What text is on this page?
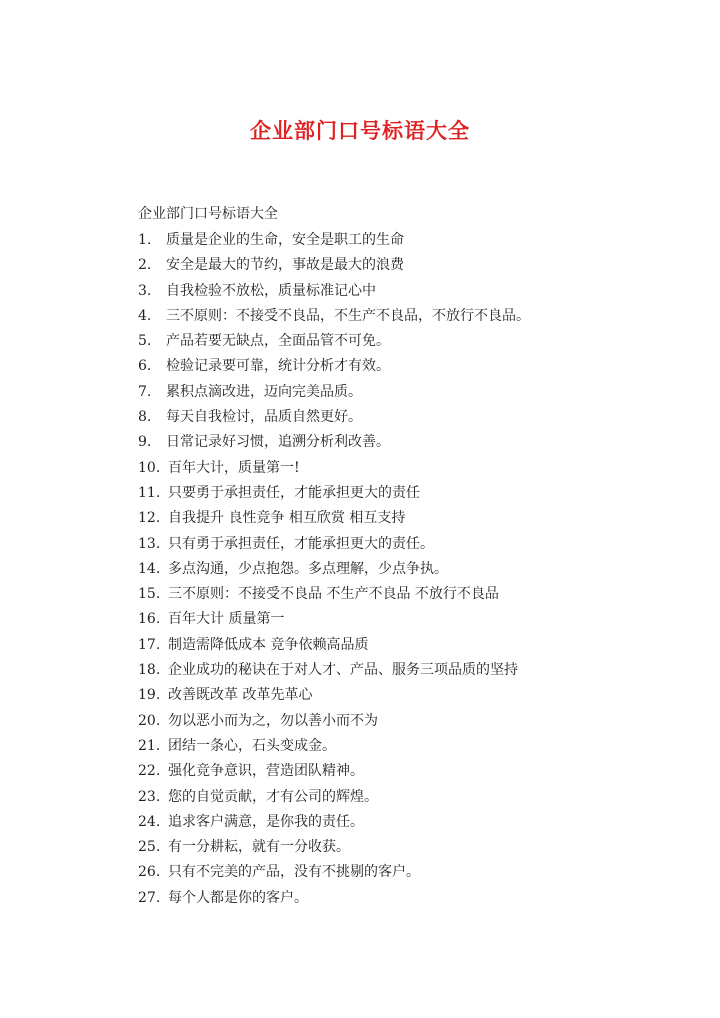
企业部门口号标语大全
企业部门口号标语大全
1.	质量是企业的生命，安全是职工的生命
2.	安全是最大的节约，事故是最大的浪费
3.	自我检验不放松，质量标准记心中
4.	三不原则：不接受不良品，不生产不良品，不放行不良品。
5.	产品若要无缺点，全面品管不可免。
6.	检验记录要可靠，统计分析才有效。
7.	累积点滴改进，迈向完美品质。
8.	每天自我检讨，品质自然更好。
9.	日常记录好习惯，追溯分析利改善。
10. 百年大计，质量第一!
11. 只要勇于承担责任，才能承担更大的责任
12. 自我提升 良性竞争 相互欣赏 相互支持
13. 只有勇于承担责任，才能承担更大的责任。
14. 多点沟通，少点抱怨。多点理解，少点争执。
15. 三不原则：不接受不良品 不生产不良品 不放行不良品
16. 百年大计 质量第一
17. 制造需降低成本 竞争依赖高品质
18. 企业成功的秘诀在于对人才、产品、服务三项品质的坚持
19. 改善既改革 改革先革心
20. 勿以恶小而为之，勿以善小而不为
21. 团结一条心，石头变成金。
22. 强化竞争意识，营造团队精神。
23. 您的自觉贡献，才有公司的辉煌。
24. 追求客户满意，是你我的责任。
25. 有一分耕耘，就有一分收获。
26. 只有不完美的产品，没有不挑剔的客户。
27. 每个人都是你的客户。
